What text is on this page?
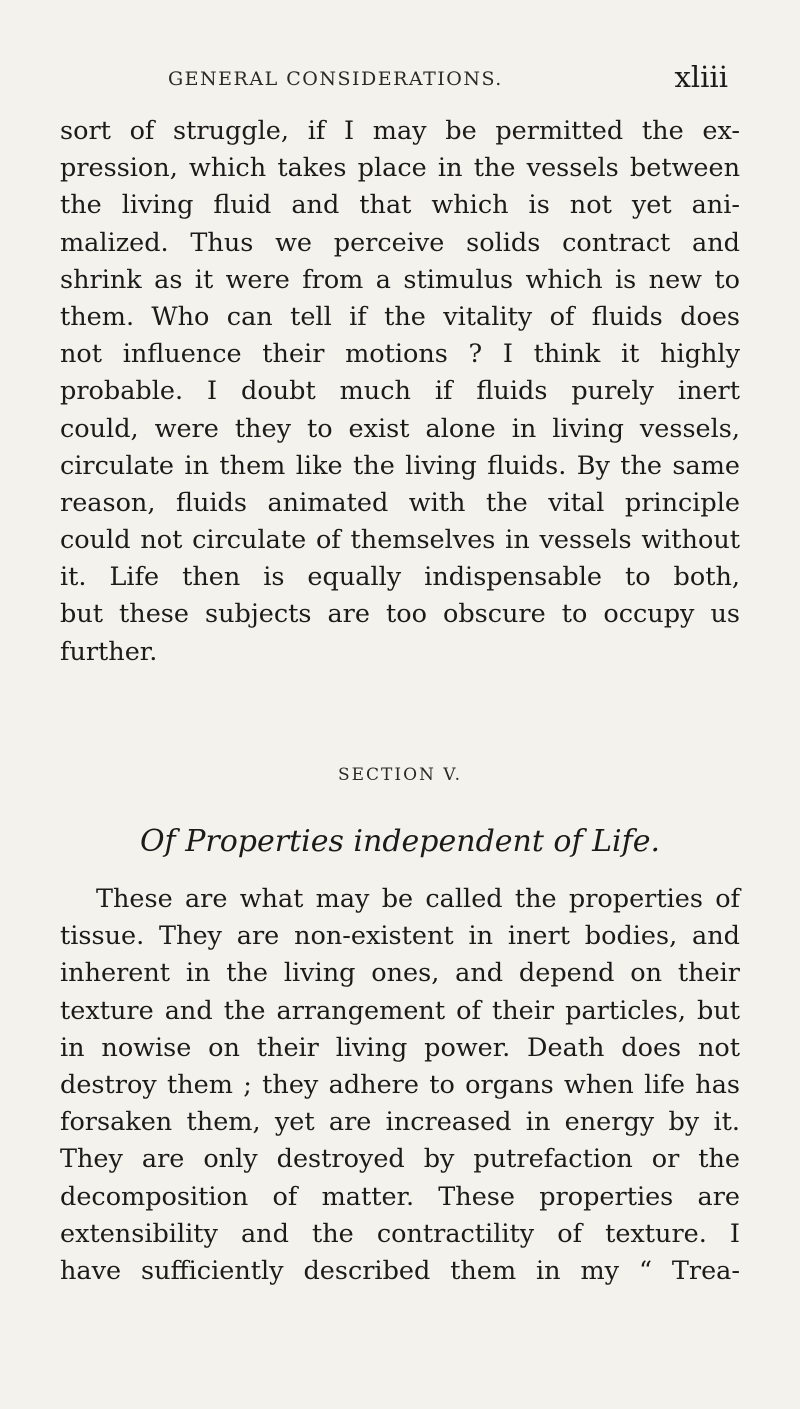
GENERAL CONSIDERATIONS.	xliii
sort of struggle, if I may be permitted the ex-
pression, which takes place in the vessels between
the living fluid and that which is not yet ani-
malized. Thus we perceive solids contract and
shrink as it were from a stimulus which is new to
them. Who can tell if the vitality of fluids does
not influence their motions ? I think it highly
probable. I doubt much if fluids purely inert
could, were they to exist alone in living vessels,
circulate in them like the living fluids. By the same
reason, fluids animated with the vital principle
could not circulate of themselves in vessels without
it. Life then is equally indispensable to both,
but these subjects are too obscure to occupy us
further.
SECTION V.
Of Properties independent of Life.
These are what may be called the properties of
tissue. They are non-existent in inert bodies, and
inherent in the living ones, and depend on their
texture and the arrangement of their particles, but
in nowise on their living power. Death does not
destroy them ; they adhere to organs when life has
forsaken them, yet are increased in energy by it.
They are only destroyed by putrefaction or the
decomposition of matter. These properties are
extensibility and the contractility of texture. I
have sufficiently described them in my “ Trea-
